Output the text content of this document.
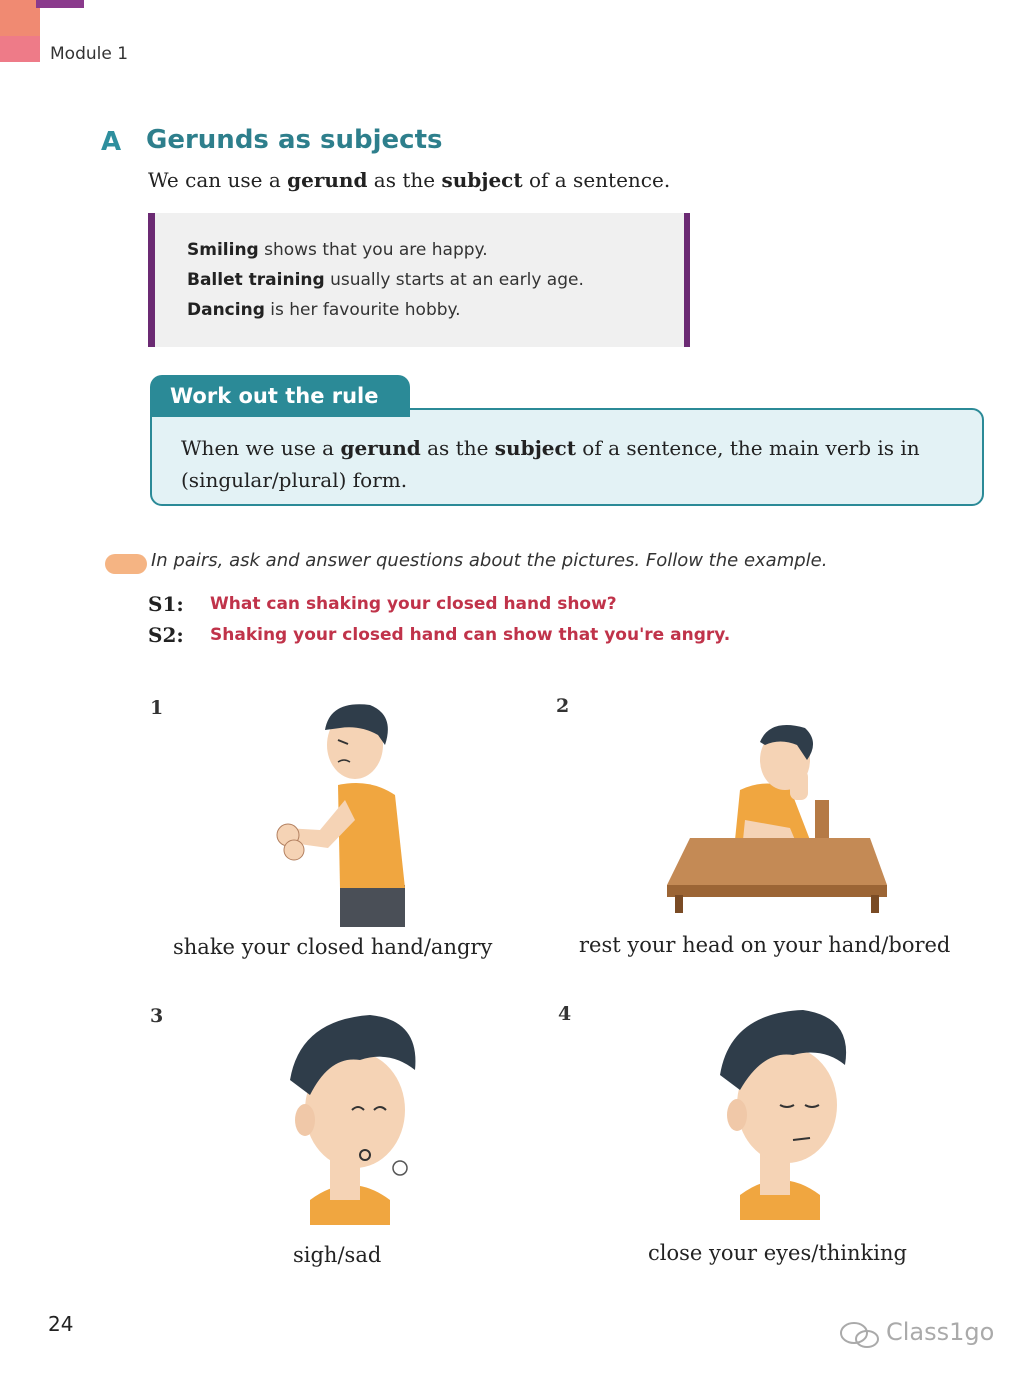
Module 1
A Gerunds as subjects
We can use a gerund as the subject of a sentence.
Smiling shows that you are happy.
Ballet training usually starts at an early age.
Dancing is her favourite hobby.
When we use a gerund as the subject of a sentence, the main verb is in (singular/plural) form.
Work out the rule
In pairs, ask and answer questions about the pictures. Follow the example.
S1: What can shaking your closed hand show?
S2: Shaking your closed hand can show that you're angry.
1	2
3	4
shake your closed hand/angry	rest your head on your hand/bored
sigh/sad	close your eyes/thinking
24	Class1go
